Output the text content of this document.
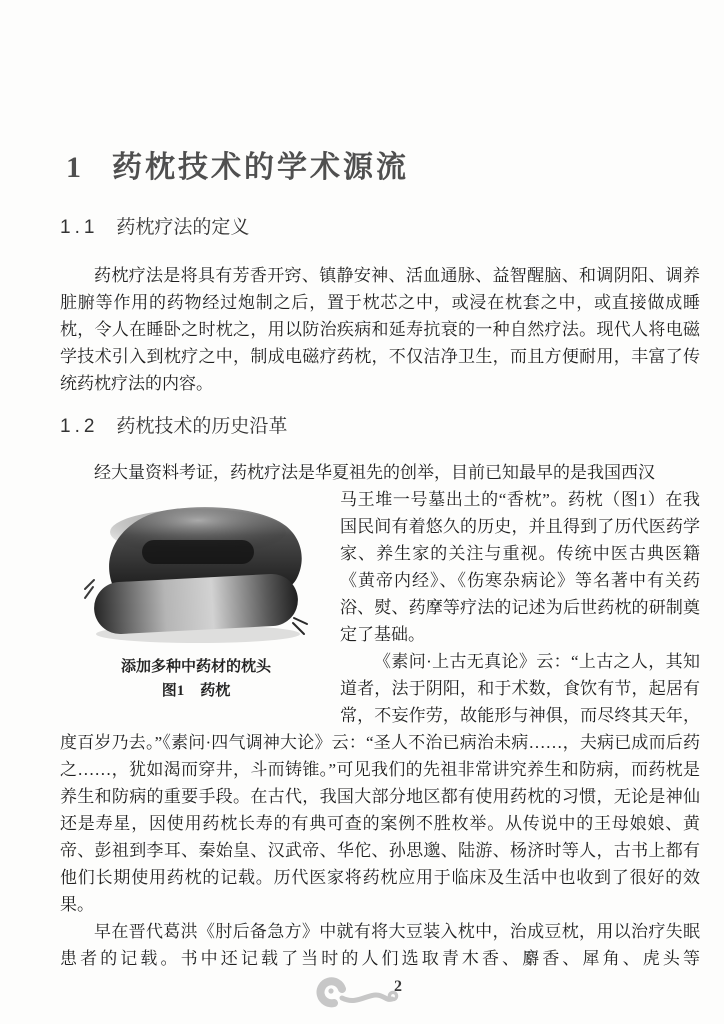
1 药枕技术的学术源流
1.1 药枕疗法的定义

药枕疗法是将具有芳香开窍、镇静安神、活血通脉、益智醒脑、和调阴阳、调养脏腑等作用的药物经过炮制之后，置于枕芯之中，或浸在枕套之中，或直接做成睡枕，令人在睡卧之时枕之，用以防治疾病和延寿抗衰的一种自然疗法。现代人将电磁学技术引入到枕疗之中，制成电磁疗药枕，不仅洁净卫生，而且方便耐用，丰富了传统药枕疗法的内容。

1.2 药枕技术的历史沿革

经大量资料考证，药枕疗法是华夏祖先的创举，目前已知最早的是我国西汉

添加多种中药材的枕头
图1 药枕

马王堆一号墓出土的“香枕”。药枕（图1）在我国民间有着悠久的历史，并且得到了历代医药学家、养生家的关注与重视。传统中医古典医籍《黄帝内经》、《伤寒杂病论》等名著中有关药浴、熨、药摩等疗法的记述为后世药枕的研制奠定了基础。

《素问·上古无真论》云：“上古之人，其知道者，法于阴阳，和于术数，食饮有节，起居有常，不妄作劳，故能形与神俱，而尽终其天年，度百岁乃去。”《素问·四气调神大论》云：“圣人不治已病治未病……，夫病已成而后药之……，犹如渴而穿井，斗而铸锥。”可见我们的先祖非常讲究养生和防病，而药枕是养生和防病的重要手段。在古代，我国大部分地区都有使用药枕的习惯，无论是神仙还是寿星，因使用药枕长寿的有典可查的案例不胜枚举。从传说中的王母娘娘、黄帝、彭祖到李耳、秦始皇、汉武帝、华佗、孙思邈、陆游、杨济时等人，古书上都有他们长期使用药枕的记载。历代医家将药枕应用于临床及生活中也收到了很好的效果。

早在晋代葛洪《肘后备急方》中就有将大豆装入枕中，治成豆枕，用以治疗失眠患者的记载。书中还记载了当时的人们选取青木香、麝香、犀角、虎头等

2
